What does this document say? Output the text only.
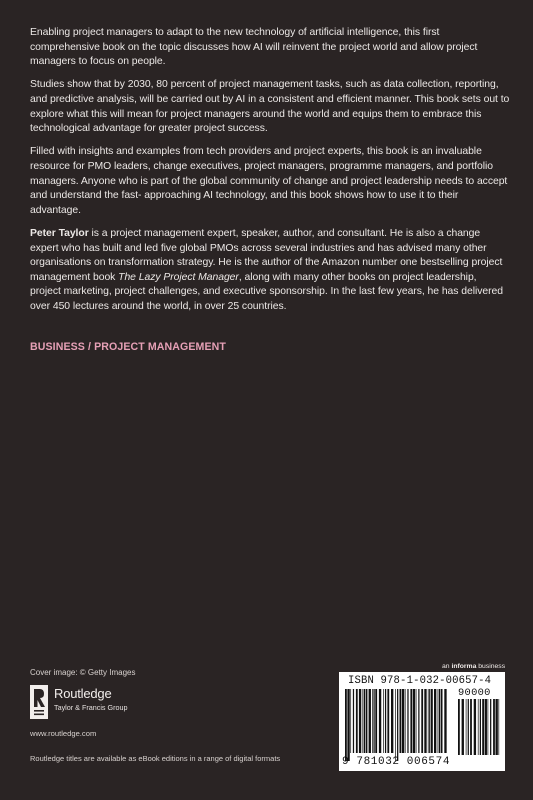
Enabling project managers to adapt to the new technology of artificial intelligence, this first comprehensive book on the topic discusses how AI will reinvent the project world and allow project managers to focus on people.

Studies show that by 2030, 80 percent of project management tasks, such as data collection, reporting, and predictive analysis, will be carried out by AI in a consistent and efficient manner. This book sets out to explore what this will mean for project managers around the world and equips them to embrace this technological advantage for greater project success.

Filled with insights and examples from tech providers and project experts, this book is an invaluable resource for PMO leaders, change executives, project managers, programme managers, and portfolio managers. Anyone who is part of the global community of change and project leadership needs to accept and understand the fast- approaching AI technology, and this book shows how to use it to their advantage.

Peter Taylor is a project management expert, speaker, author, and consultant. He is also a change expert who has built and led five global PMOs across several industries and has advised many other organisations on transformation strategy. He is the author of the Amazon number one bestselling project management book The Lazy Project Manager, along with many other books on project leadership, project marketing, project challenges, and executive sponsorship. In the last few years, he has delivered over 450 lectures around the world, in over 25 countries.

BUSINESS / PROJECT MANAGEMENT
Cover image: © Getty Images
Routledge
Taylor & Francis Group
www.routledge.com
Routledge titles are available as eBook editions in a range of digital formats
an informa business
ISBN 978-1-032-00657-4
90000
9 781032 006574
